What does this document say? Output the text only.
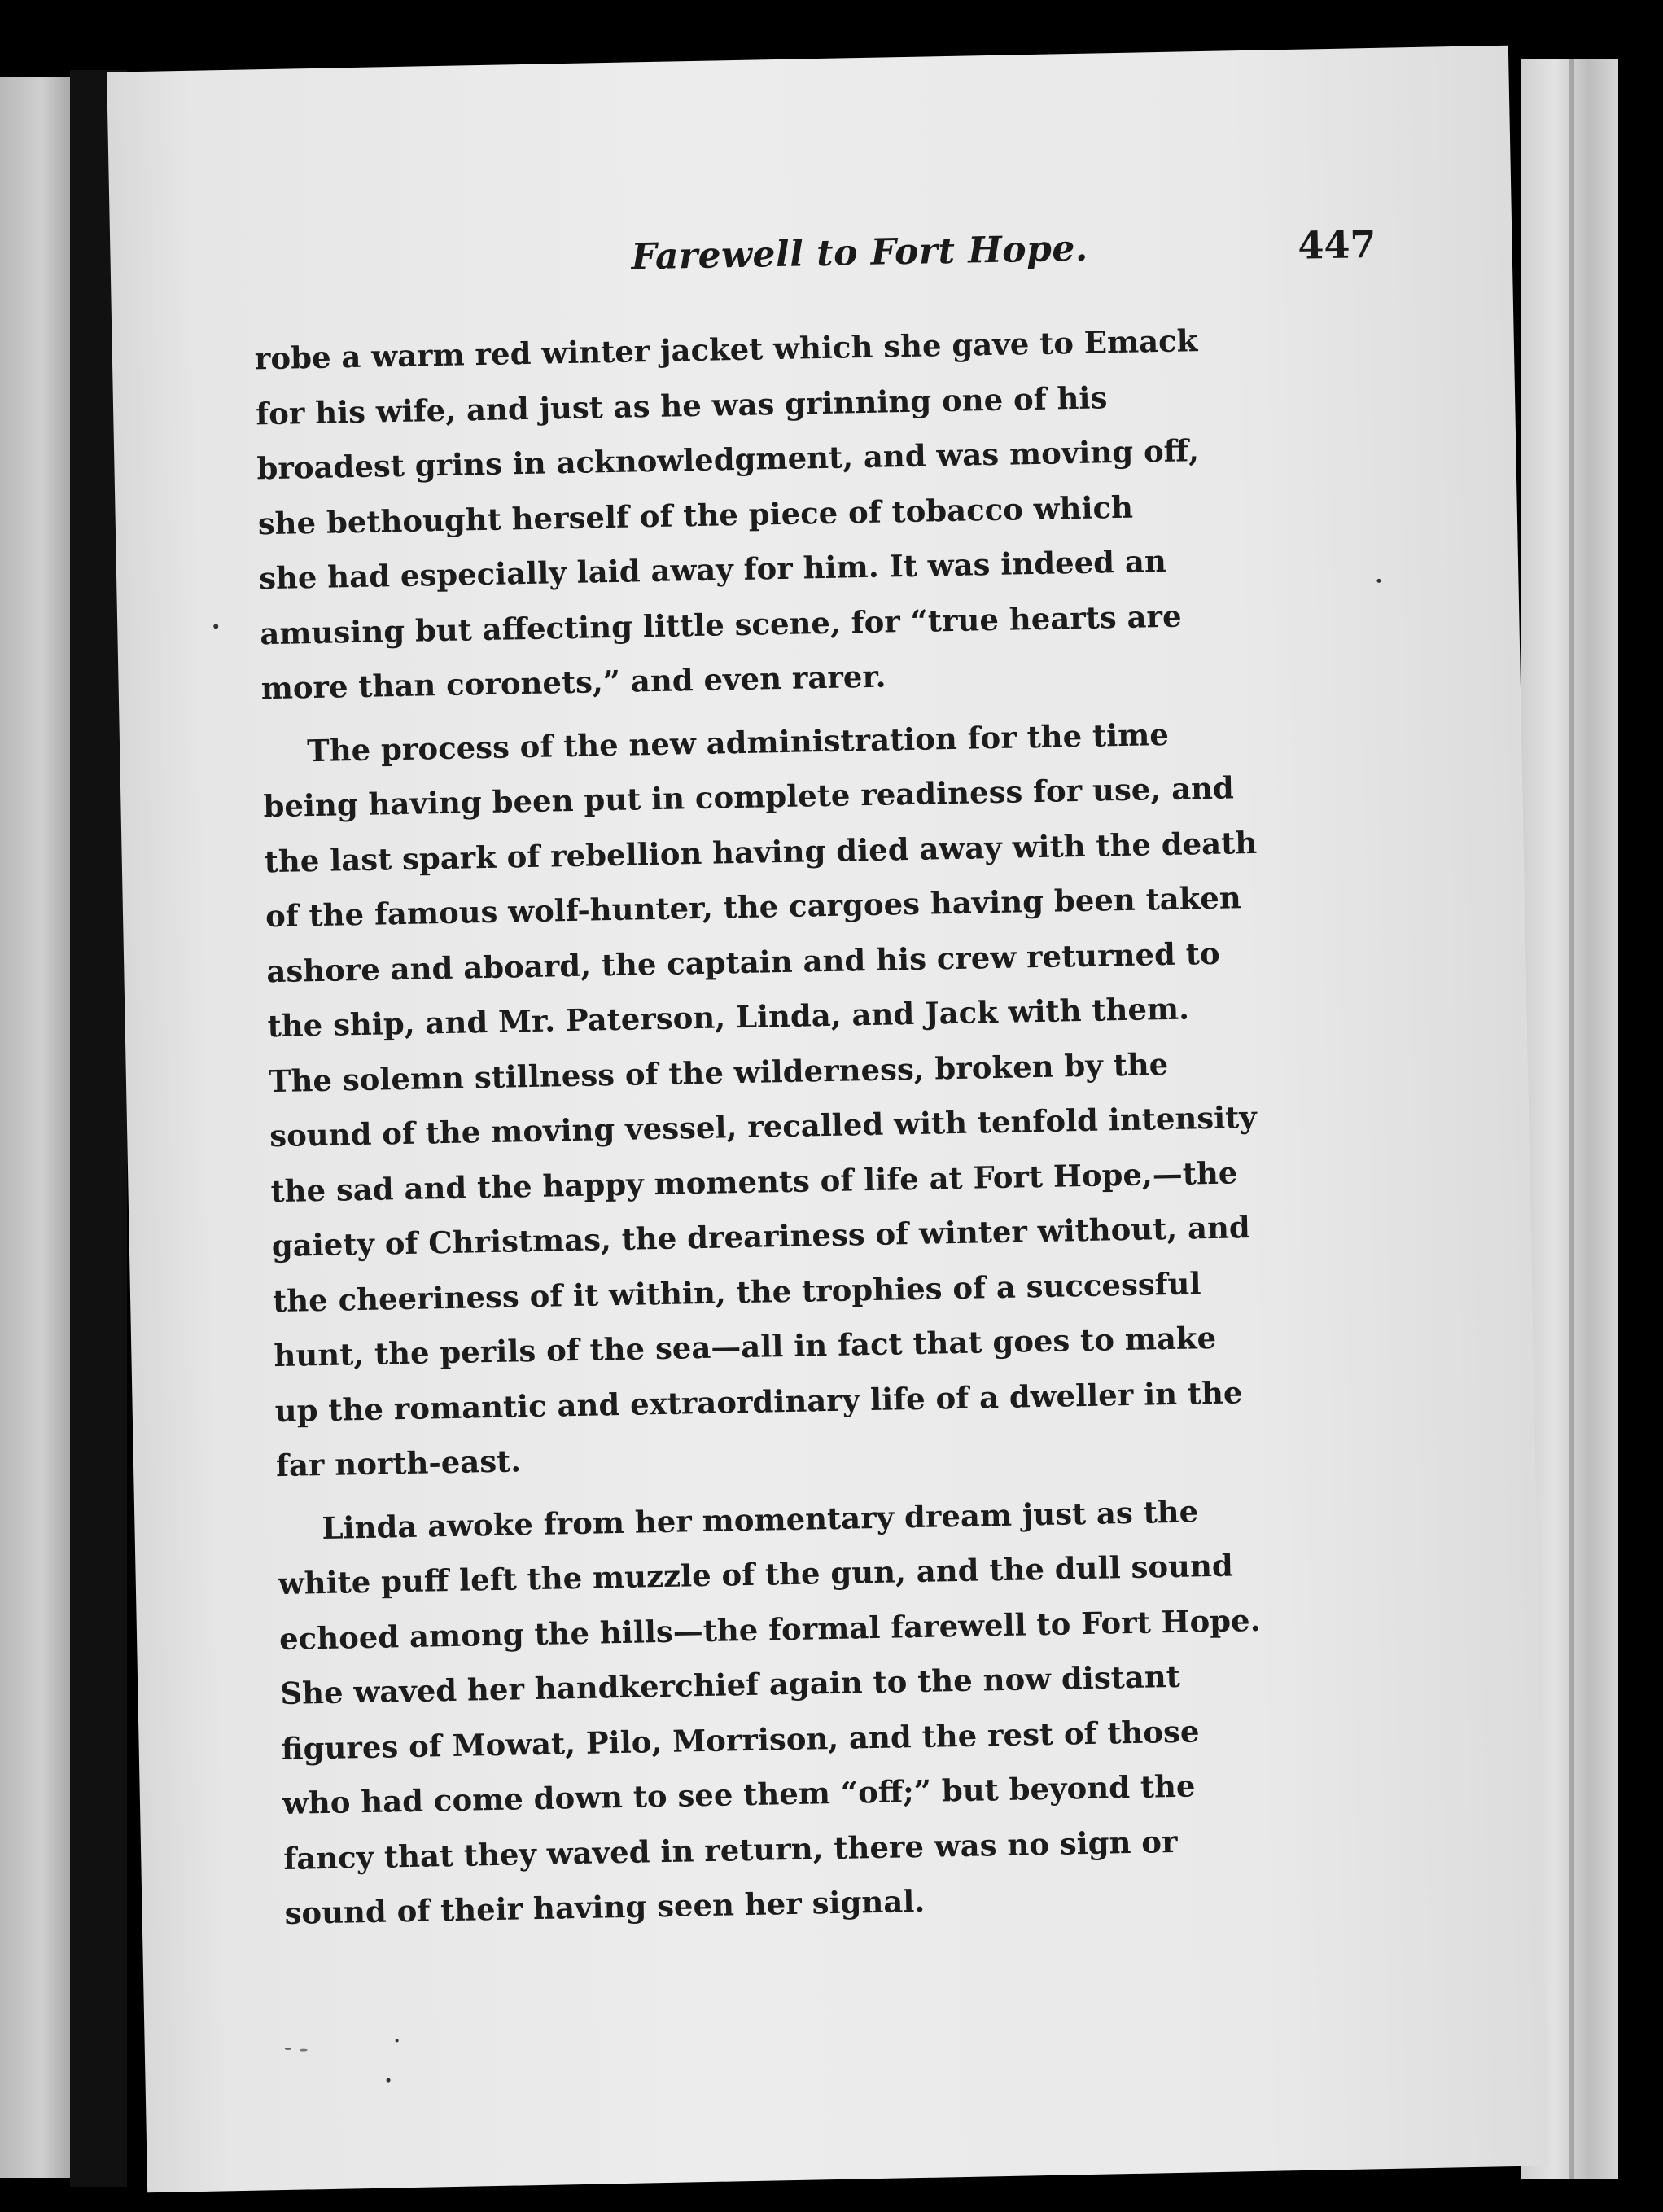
Farewell to Fort Hope.	447

robe a warm red winter jacket which she gave to Emack
for his wife, and just as he was grinning one of his
broadest grins in acknowledgment, and was moving off,
she bethought herself of the piece of tobacco which
she had especially laid away for him. It was indeed an
amusing but affecting little scene, for “true hearts are
more than coronets,” and even rarer.

The process of the new administration for the time
being having been put in complete readiness for use, and
the last spark of rebellion having died away with the death
of the famous wolf-hunter, the cargoes having been taken
ashore and aboard, the captain and his crew returned to
the ship, and Mr. Paterson, Linda, and Jack with them.
The solemn stillness of the wilderness, broken by the
sound of the moving vessel, recalled with tenfold intensity
the sad and the happy moments of life at Fort Hope,—the
gaiety of Christmas, the dreariness of winter without, and
the cheeriness of it within, the trophies of a successful
hunt, the perils of the sea—all in fact that goes to make
up the romantic and extraordinary life of a dweller in the
far north-east.

Linda awoke from her momentary dream just as the
white puff left the muzzle of the gun, and the dull sound
echoed among the hills—the formal farewell to Fort Hope.
She waved her handkerchief again to the now distant
figures of Mowat, Pilo, Morrison, and the rest of those
who had come down to see them “off;” but beyond the
fancy that they waved in return, there was no sign or
sound of their having seen her signal.
